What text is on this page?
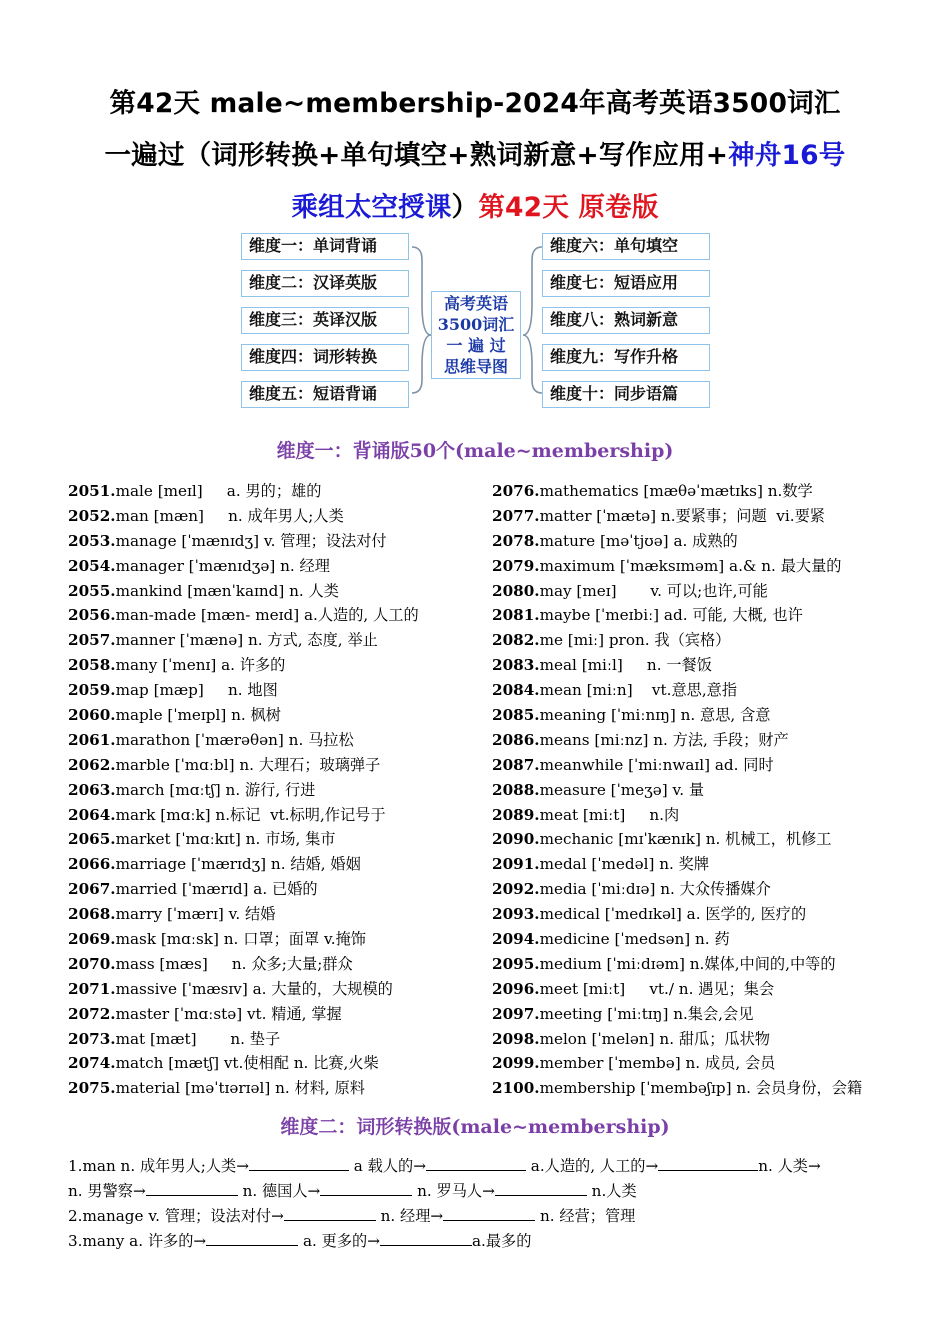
第42天 male~membership-2024年高考英语3500词汇
一遍过（词形转换+单句填空+熟词新意+写作应用+神舟16号
乘组太空授课）第42天 原卷版
维度一：单词背诵
维度二：汉译英版
维度三：英译汉版
维度四：词形转换
维度五：短语背诵
维度六：单句填空
维度七：短语应用
维度八：熟词新意
维度九：写作升格
维度十：同步语篇
高考英语
3500词汇
一 遍 过
思维导图
维度一：背诵版50个(male~membership)
2051.male [meɪl]     a. 男的；雄的	2076.mathematics [mæθəˈmætɪks] n.数学
2052.man [mæn]     n. 成年男人;人类	2077.matter [ˈmætə] n.要紧事；问题  vi.要紧
2053.manage [ˈmænɪdʒ] v. 管理；设法对付	2078.mature [məˈtjʊə] a. 成熟的
2054.manager [ˈmænɪdʒə] n. 经理	2079.maximum [ˈmæksɪməm] a.& n. 最大量的
2055.mankind [mænˈkaɪnd] n. 人类	2080.may [meɪ]       v. 可以;也许,可能
2056.man-made [mæn- meɪd] a.人造的, 人工的	2081.maybe [ˈmeɪbiː] ad. 可能, 大概, 也许
2057.manner [ˈmænə] n. 方式, 态度, 举止	2082.me [miː] pron. 我（宾格）
2058.many [ˈmenɪ] a. 许多的	2083.meal [miːl]     n. 一餐饭
2059.map [mæp]     n. 地图	2084.mean [miːn]    vt.意思,意指
2060.maple [ˈmeɪpl] n. 枫树	2085.meaning [ˈmiːnɪŋ] n. 意思, 含意
2061.marathon [ˈmærəθən] n. 马拉松	2086.means [miːnz] n. 方法, 手段；财产
2062.marble [ˈmɑːbl] n. 大理石；玻璃弹子	2087.meanwhile [ˈmiːnwaɪl] ad. 同时
2063.march [mɑːtʃ] n. 游行, 行进	2088.measure [ˈmeʒə] v. 量
2064.mark [mɑːk] n.标记  vt.标明,作记号于	2089.meat [miːt]     n.肉
2065.market [ˈmɑːkɪt] n. 市场, 集市	2090.mechanic [mɪˈkænɪk] n. 机械工，机修工
2066.marriage [ˈmærɪdʒ] n. 结婚, 婚姻	2091.medal [ˈmedəl] n. 奖牌
2067.married [ˈmærɪd] a. 已婚的	2092.media [ˈmiːdɪə] n. 大众传播媒介
2068.marry [ˈmærɪ] v. 结婚	2093.medical [ˈmedɪkəl] a. 医学的, 医疗的
2069.mask [mɑːsk] n. 口罩；面罩 v.掩饰	2094.medicine [ˈmedsən] n. 药
2070.mass [mæs]     n. 众多;大量;群众	2095.medium [ˈmiːdɪəm] n.媒体,中间的,中等的
2071.massive [ˈmæsɪv] a. 大量的，大规模的	2096.meet [miːt]     vt./ n. 遇见；集会
2072.master [ˈmɑːstə] vt. 精通, 掌握	2097.meeting [ˈmiːtɪŋ] n.集会,会见
2073.mat [mæt]       n. 垫子	2098.melon [ˈmelən] n. 甜瓜；瓜状物
2074.match [mætʃ] vt.使相配 n. 比赛,火柴	2099.member [ˈmembə] n. 成员, 会员
2075.material [məˈtɪərɪəl] n. 材料, 原料	2100.membership [ˈmembəʃɪp] n. 会员身份，会籍
维度二：词形转换版(male~membership)
1.man n. 成年男人;人类→	a 载人的→	a.人造的, 人工的→	n. 人类→
n. 男警察→	n. 德国人→	n. 罗马人→	n.人类
2.manage v. 管理；设法对付→	n. 经理→	n. 经营；管理
3.many a. 许多的→	a. 更多的→	a.最多的
